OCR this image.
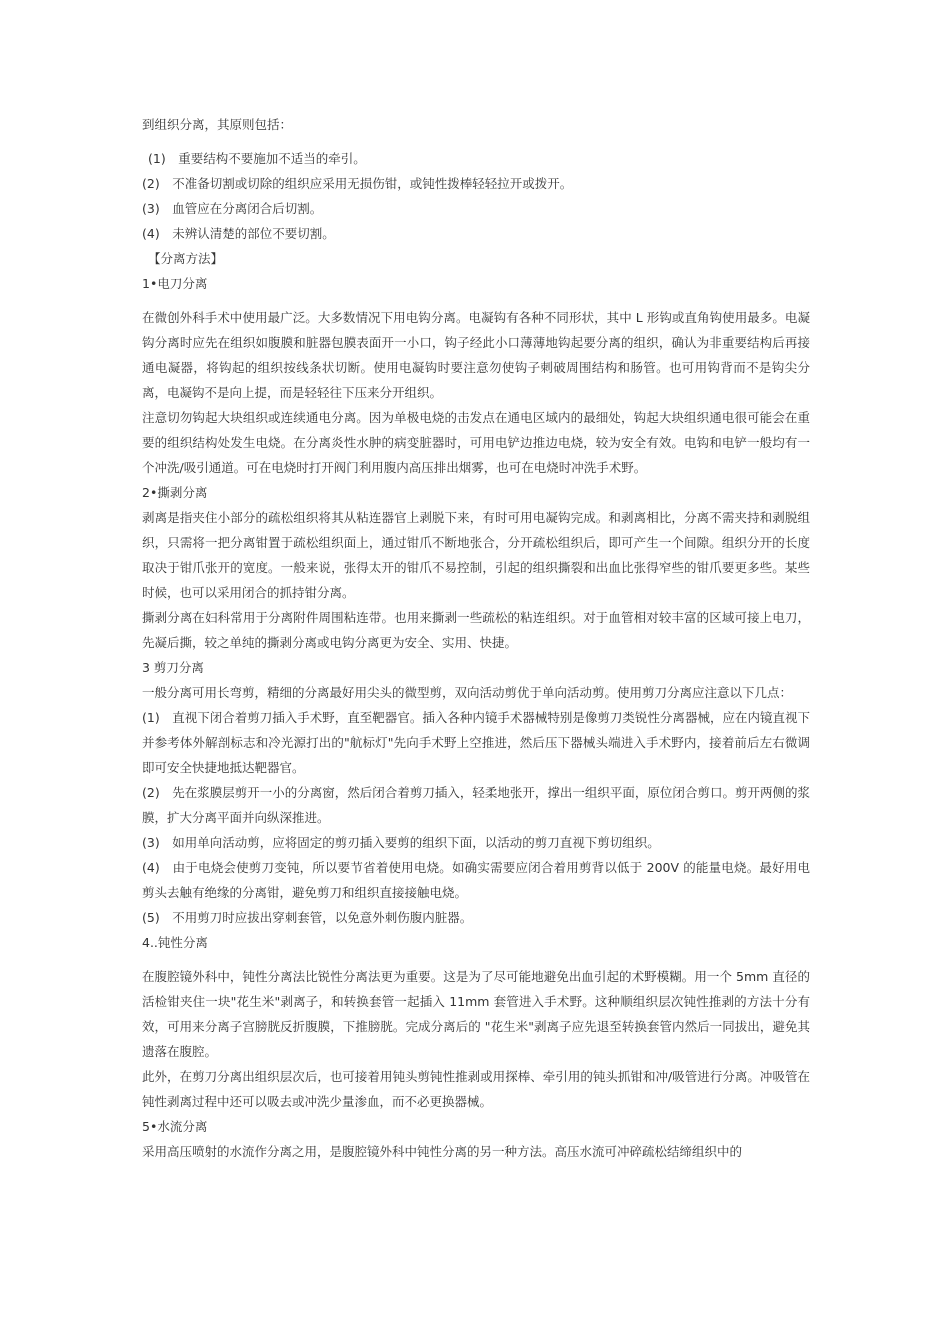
到组织分离，其原则包括：
(1)　重要结构不要施加不适当的牵引。
(2)　不准备切割或切除的组织应采用无损伤钳，或钝性拨棒轻轻拉开或拨开。
(3)　血管应在分离闭合后切割。
(4)　未辨认清楚的部位不要切割。
【分离方法】
1•电刀分离
在微创外科手术中使用最广泛。大多数情况下用电钩分离。电凝钩有各种不同形状，其中 L 形钩或直角钩使用最多。电凝钩分离时应先在组织如腹膜和脏器包膜表面开一小口，钩子经此小口薄薄地钩起要分离的组织，确认为非重要结构后再接通电凝器，将钩起的组织按线条状切断。使用电凝钩时要注意勿使钩子刺破周围结构和肠管。也可用钩背而不是钩尖分离，电凝钩不是向上提，而是轻轻往下压来分开组织。
注意切勿钩起大块组织或连续通电分离。因为单极电烧的击发点在通电区域内的最细处，钩起大块组织通电很可能会在重要的组织结构处发生电烧。在分离炎性水肿的病变脏器时，可用电铲边推边电烧，较为安全有效。电钩和电铲一般均有一个冲洗/吸引通道。可在电烧时打开阀门利用腹内高压排出烟雾，也可在电烧时冲洗手术野。
2•撕剥分离
剥离是指夹住小部分的疏松组织将其从粘连器官上剥脱下来，有时可用电凝钩完成。和剥离相比，分离不需夹持和剥脱组织，只需将一把分离钳置于疏松组织面上，通过钳爪不断地张合，分开疏松组织后，即可产生一个间隙。组织分开的长度取决于钳爪张开的宽度。一般来说，张得太开的钳爪不易控制，引起的组织撕裂和出血比张得窄些的钳爪要更多些。某些时候，也可以采用闭合的抓持钳分离。
撕剥分离在妇科常用于分离附件周围粘连带。也用来撕剥一些疏松的粘连组织。对于血管相对较丰富的区域可接上电刀，先凝后撕，较之单纯的撕剥分离或电钩分离更为安全、实用、快捷。
3 剪刀分离
一般分离可用长弯剪，精细的分离最好用尖头的微型剪，双向活动剪优于单向活动剪。使用剪刀分离应注意以下几点：
(1)　直视下闭合着剪刀插入手术野，直至靶器官。插入各种内镜手术器械特别是像剪刀类锐性分离器械，应在内镜直视下并参考体外解剖标志和冷光源打出的"航标灯"先向手术野上空推进，然后压下器械头端进入手术野内，接着前后左右微调即可安全快捷地抵达靶器官。
(2)　先在浆膜层剪开一小的分离窗，然后闭合着剪刀插入，轻柔地张开，撑出一组织平面，原位闭合剪口。剪开两侧的浆膜，扩大分离平面并向纵深推进。
(3)　如用单向活动剪，应将固定的剪刃插入要剪的组织下面，以活动的剪刀直视下剪切组织。
(4)　由于电烧会使剪刀变钝，所以要节省着使用电烧。如确实需要应闭合着用剪背以低于 200V 的能量电烧。最好用电剪头去触有绝缘的分离钳，避免剪刀和组织直接接触电烧。
(5)　不用剪刀时应拔出穿刺套管，以免意外刺伤腹内脏器。
4..钝性分离
在腹腔镜外科中，钝性分离法比锐性分离法更为重要。这是为了尽可能地避免出血引起的术野模糊。用一个 5mm 直径的活检钳夹住一块"花生米"剥离子，和转换套管一起插入 11mm 套管进入手术野。这种顺组织层次钝性推剥的方法十分有效，可用来分离子宫膀胱反折腹膜，下推膀胱。完成分离后的 "花生米"剥离子应先退至转换套管内然后一同拔出，避免其遗落在腹腔。
此外，在剪刀分离出组织层次后，也可接着用钝头剪钝性推剥或用探棒、牵引用的钝头抓钳和冲/吸管进行分离。冲吸管在钝性剥离过程中还可以吸去或冲洗少量渗血，而不必更换器械。
5•水流分离
采用高压喷射的水流作分离之用，是腹腔镜外科中钝性分离的另一种方法。高压水流可冲碎疏松结缔组织中的
